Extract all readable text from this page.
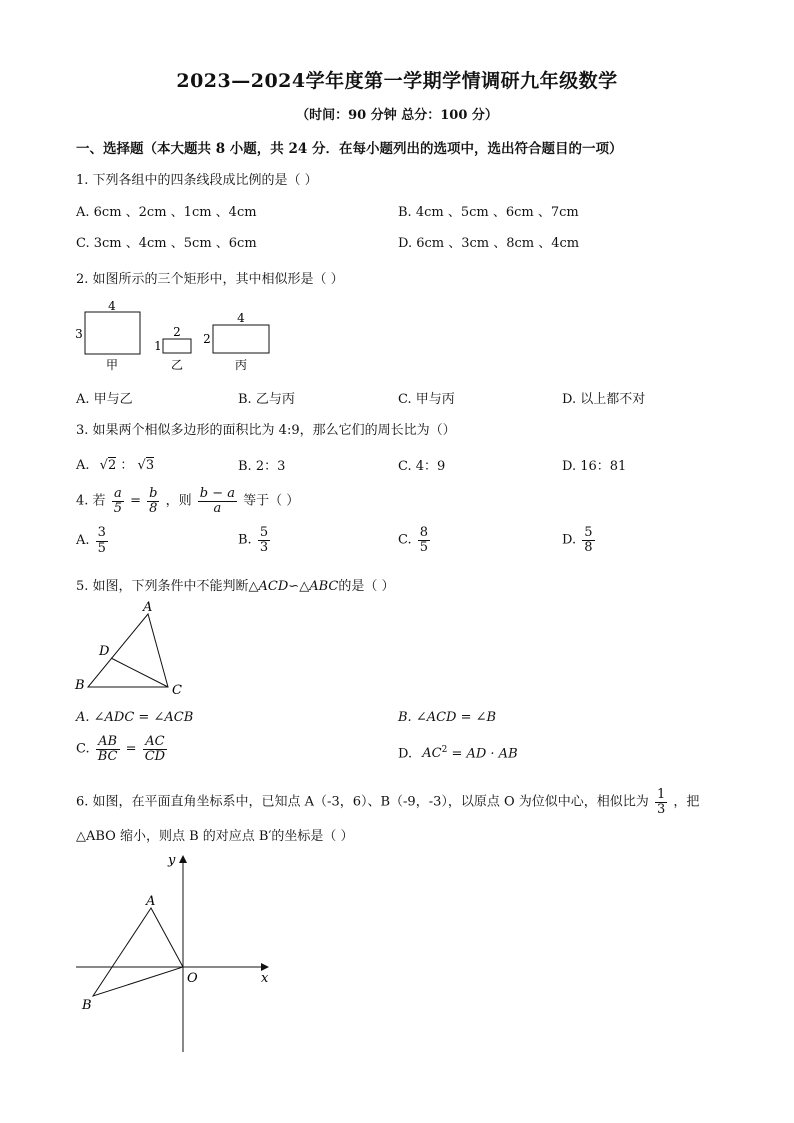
2023—2024学年度第一学期学情调研九年级数学
（时间：90 分钟 总分：100 分）
一、选择题（本大题共 8 小题，共 24 分．在每小题列出的选项中，选出符合题目的一项）
1. 下列各组中的四条线段成比例的是（ ）
A. 6cm 、2cm 、1cm 、4cm	B. 4cm 、5cm 、6cm 、7cm
C. 3cm 、4cm 、5cm 、6cm	D. 6cm 、3cm 、8cm 、4cm
2. 如图所示的三个矩形中，其中相似形是（ ）
4
3
甲
2
1
乙
4
2
丙
A. 甲与乙	B. 乙与丙	C. 甲与丙	D. 以上都不对
3. 如果两个相似多边形的面积比为 4:9，那么它们的周长比为（）
A. √2 ： √3	B. 2：3	C. 4：9	D. 16：81
4. 若 $\frac{a}{5} = \frac{b}{8}$ ，则 $\frac{b - a}{a}$ 等于（ ）
A. $\frac{3}{5}$	B. $\frac{5}{3}$	C. $\frac{8}{5}$	D. $\frac{5}{8}$
5. 如图，下列条件中不能判断△ACD∽△ABC的是（ ）
A
B	C
D
A. ∠ADC = ∠ACB	B. ∠ACD = ∠B
C. $\frac{AB}{BC} = \frac{AC}{CD}$	D. $AC^2$ = AD · AB
6. 如图，在平面直角坐标系中，已知点 A（-3，6）、B（-9，-3），以原点 O 为位似中心，相似比为 $\frac{1}{3}$ ，把
△ABO 缩小，则点 B 的对应点 B′的坐标是（ ）
y
x
O
A
B
